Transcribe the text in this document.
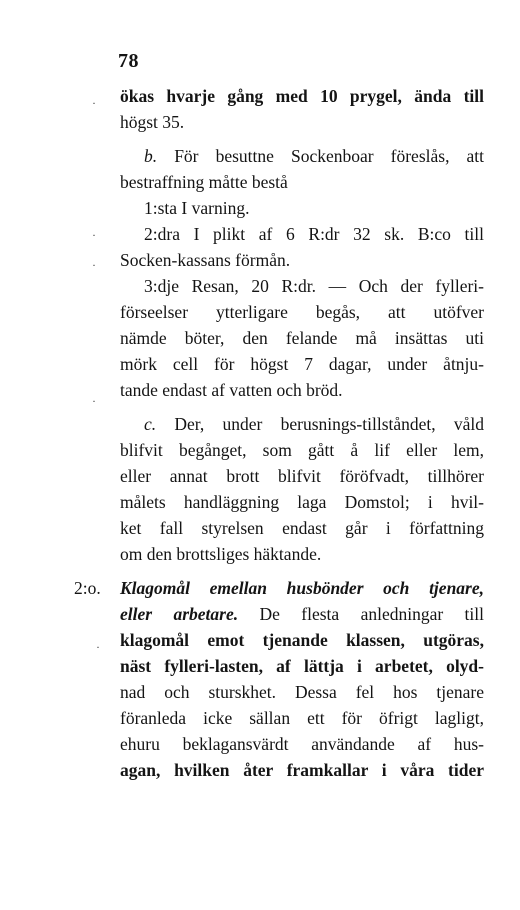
78
ökas hvarje gång med 10 prygel, ända till
högst 35.
b. För besuttne Sockenboar föreslås, att
bestraffning måtte bestå
1:sta I varning.
2:dra I plikt af 6 R:dr 32 sk. B:co till
Socken-kassans förmån.
3:dje Resan, 20 R:dr. — Och der fylleri-
förseelser ytterligare begås, att utöfver
nämde böter, den felande må insättas uti
mörk cell för högst 7 dagar, under åtnju-
tande endast af vatten och bröd.
c. Der, under berusnings-tillståndet, våld
blifvit begånget, som gått å lif eller lem,
eller annat brott blifvit föröfvadt, tillhörer
målets handläggning laga Domstol; i hvil-
ket fall styrelsen endast går i författning
om den brottsliges häktande.
2:o. Klagomål emellan husbönder och tjenare,
eller arbetare. De flesta anledningar till
klagomål emot tjenande klassen, utgöras,
näst fylleri-lasten, af lättja i arbetet, olyd-
nad och sturskhet. Dessa fel hos tjenare
föranleda icke sällan ett för öfrigt lagligt,
ehuru beklagansvärdt användande af hus-
agan, hvilken åter framkallar i våra tider
·
·
·
·
·
